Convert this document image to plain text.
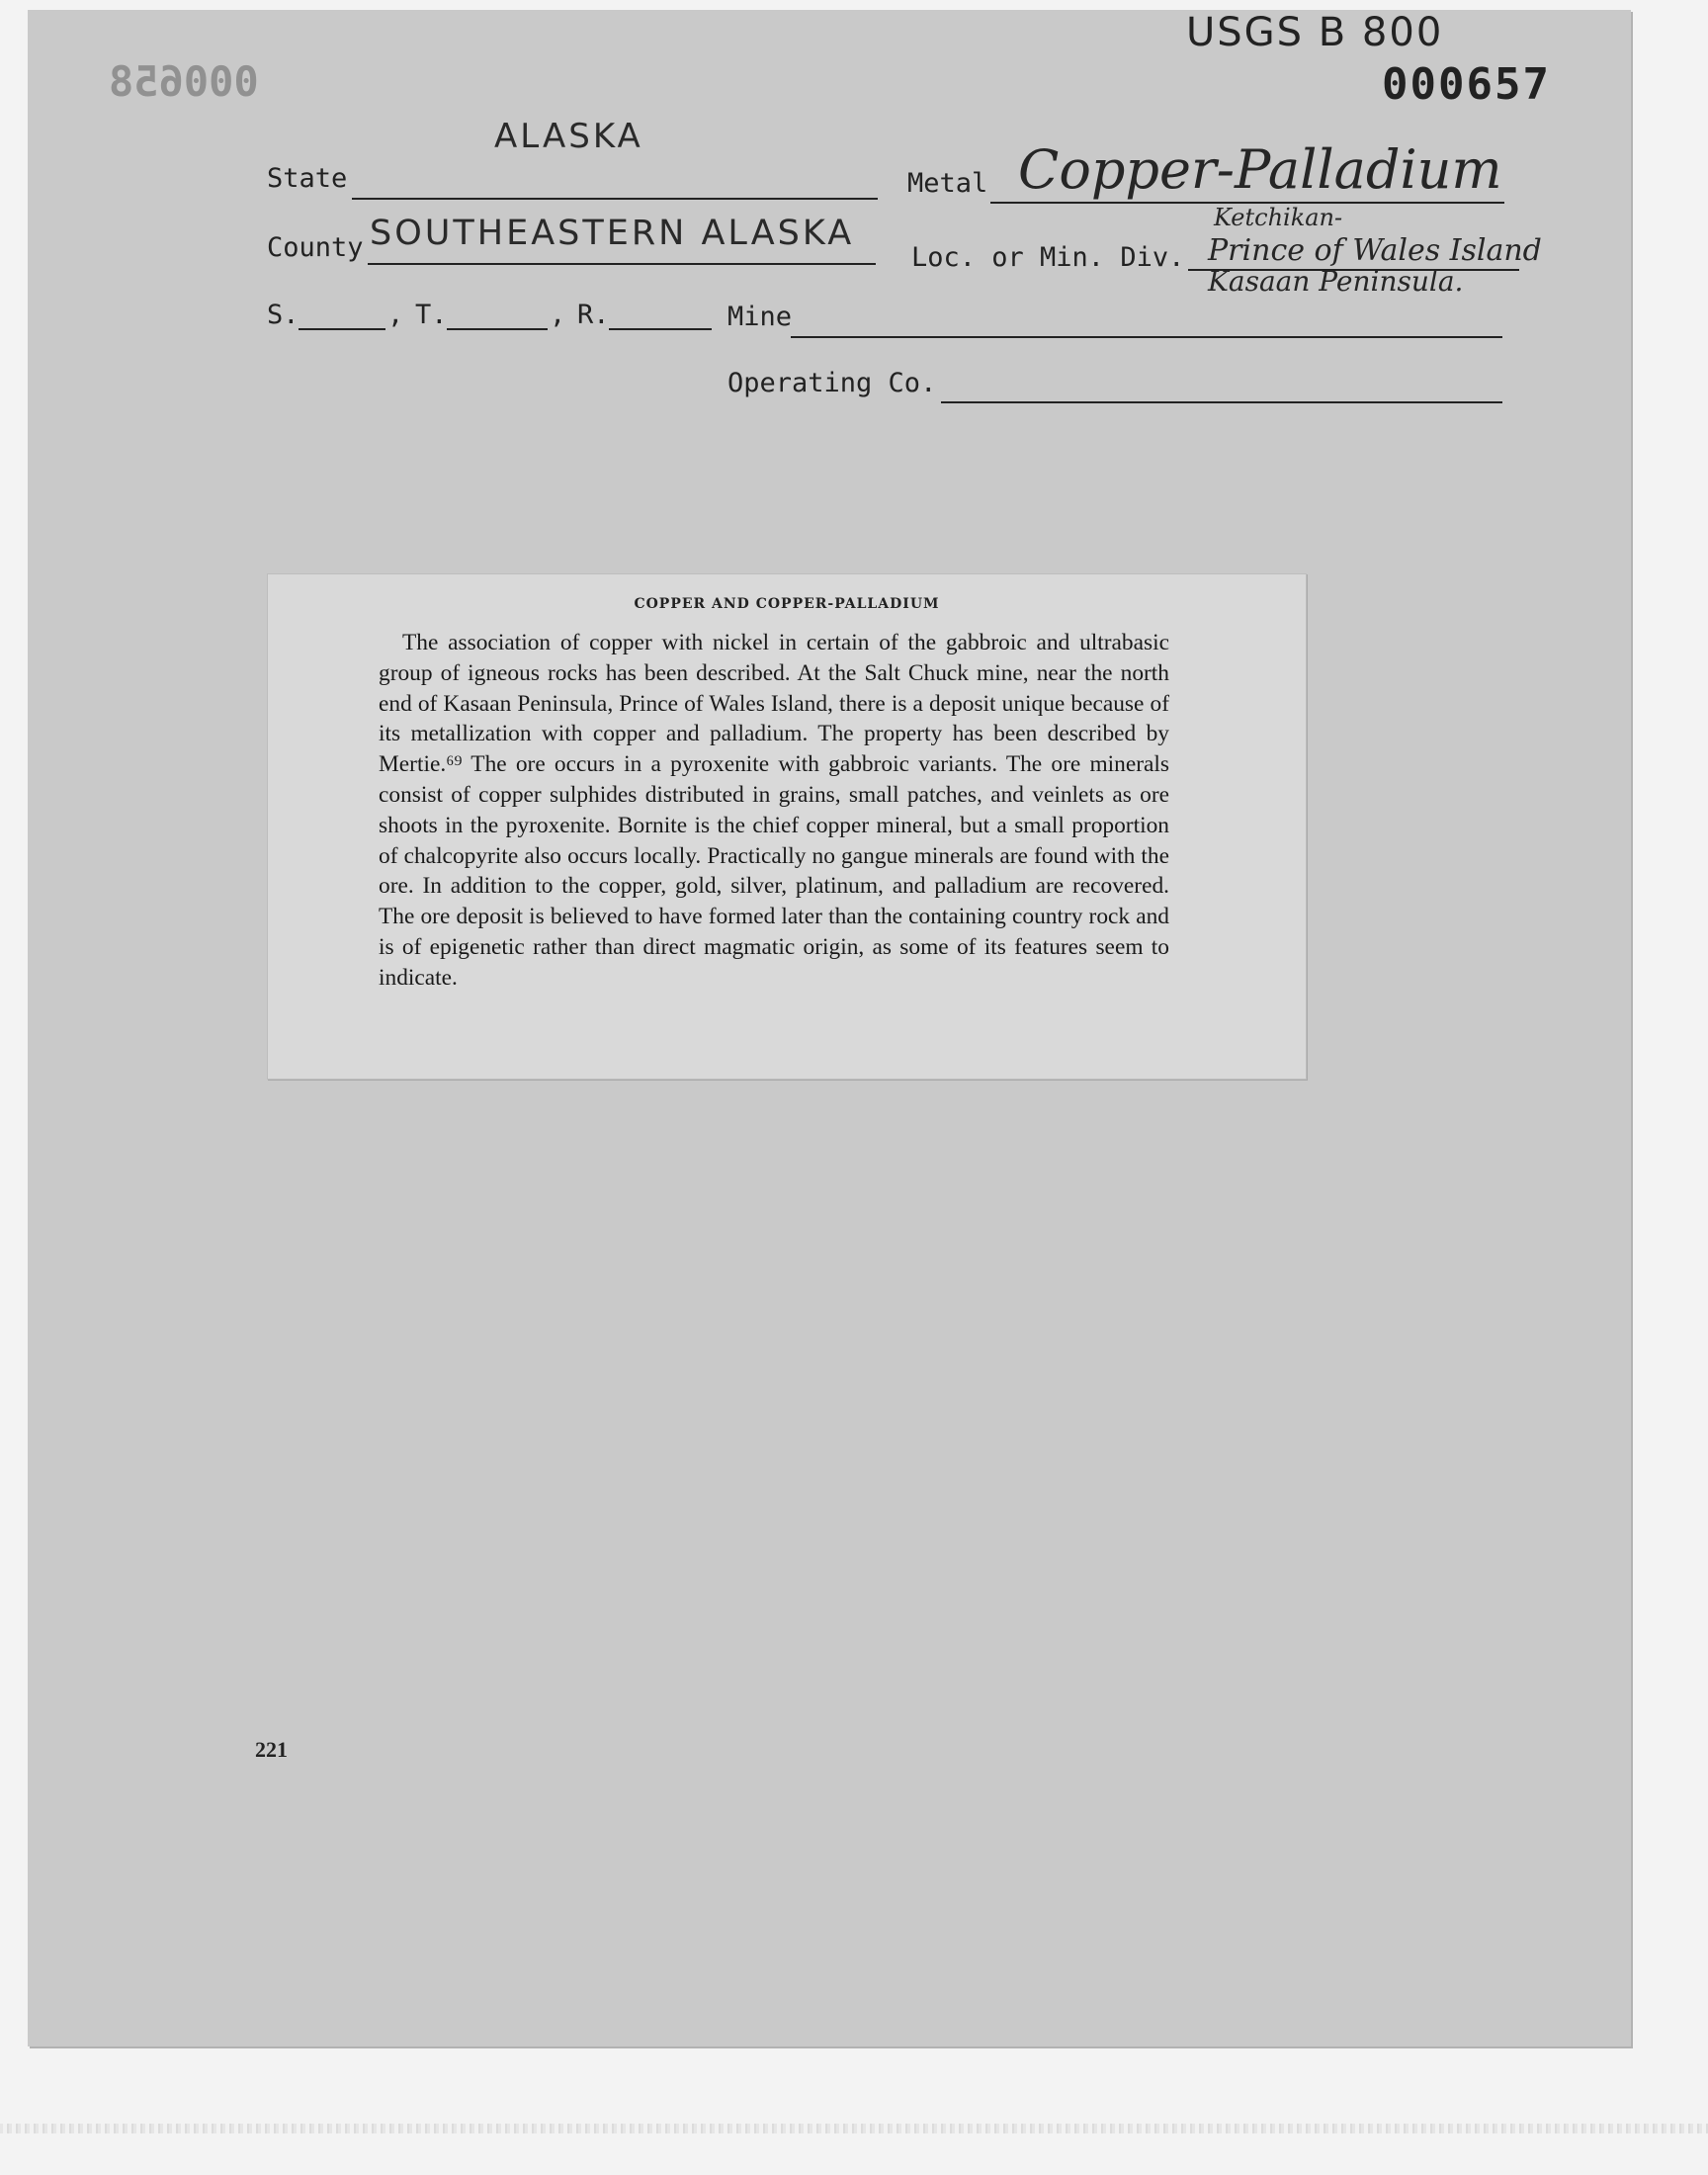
USGS B 800
000657
000658
ALASKA
State	Metal Copper-Palladium
County SOUTHEASTERN ALASKA
Loc. or Min. Div.
Ketchikan-
Prince of Wales Island
Kasaan Peninsula.
S.	, T.	, R.	Mine
Operating Co.
COPPER AND COPPER-PALLADIUM
The association of copper with nickel in certain of the gabbroic and ultrabasic group of igneous rocks has been described. At the Salt Chuck mine, near the north end of Kasaan Peninsula, Prince of Wales Island, there is a deposit unique because of its metallization with copper and palladium. The property has been described by Mertie.⁶⁹ The ore occurs in a pyroxenite with gabbroic variants. The ore minerals consist of copper sulphides distributed in grains, small patches, and veinlets as ore shoots in the pyroxenite. Bornite is the chief copper mineral, but a small proportion of chalcopyrite also occurs locally. Practically no gangue minerals are found with the ore. In addition to the copper, gold, silver, platinum, and palladium are recovered. The ore deposit is believed to have formed later than the containing country rock and is of epigenetic rather than direct magmatic origin, as some of its features seem to indicate.
221
